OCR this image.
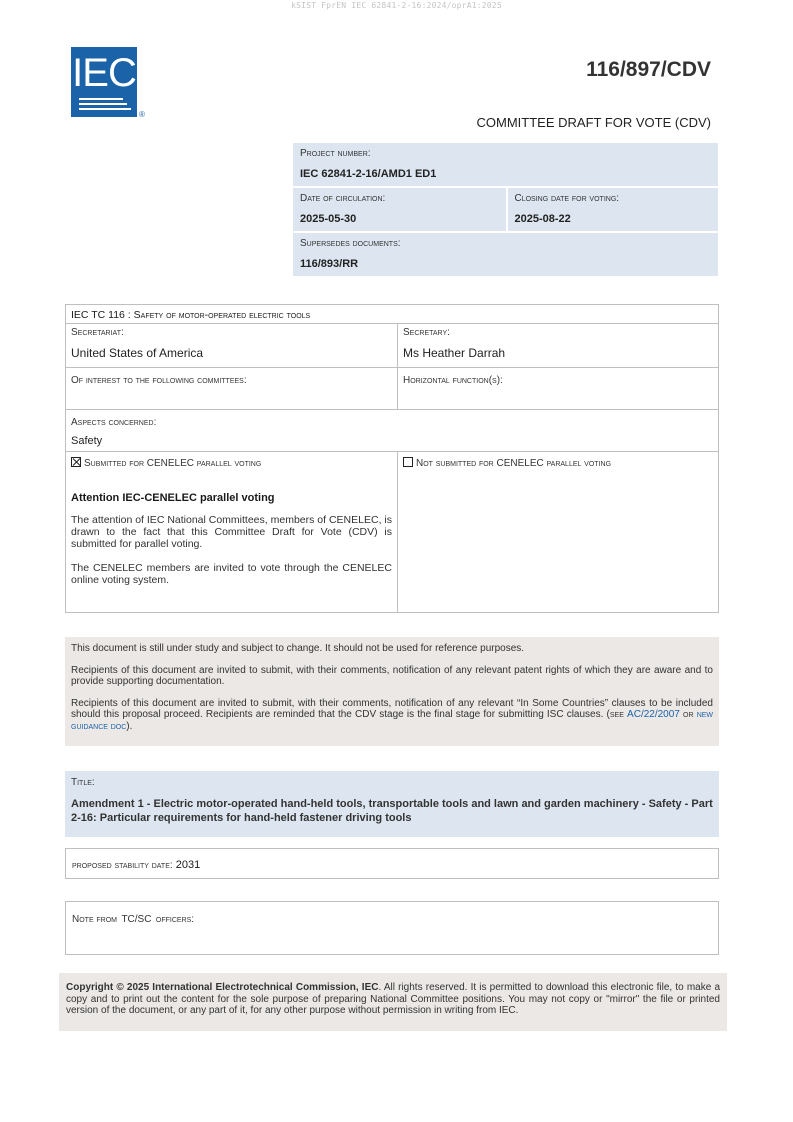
kSIST FprEN IEC 62841-2-16:2024/oprA1:2025
IEC
®
116/897/CDV
COMMITTEE DRAFT FOR VOTE (CDV)
Project number:
IEC 62841-2-16/AMD1 ED1
Date of circulation:
2025-05-30
Closing date for voting:
2025-08-22
Supersedes documents:
116/893/RR
IEC TC 116 : Safety of motor-operated electric tools
Secretariat:
United States of America
Secretary:
Ms Heather Darrah
Of interest to the following committees:	Horizontal function(s):
Aspects concerned:
Safety
Submitted for CENELEC parallel voting
Attention IEC-CENELEC parallel voting
The attention of IEC National Committees, members of CENELEC, is drawn to the fact that this Committee Draft for Vote (CDV) is submitted for parallel voting.
The CENELEC members are invited to vote through the CENELEC online voting system.
Not submitted for CENELEC parallel voting

This document is still under study and subject to change. It should not be used for reference purposes.

Recipients of this document are invited to submit, with their comments, notification of any relevant patent rights of which they are aware and to provide supporting documentation.

Recipients of this document are invited to submit, with their comments, notification of any relevant “In Some Countries” clauses to be included should this proposal proceed. Recipients are reminded that the CDV stage is the final stage for submitting ISC clauses. (see AC/22/2007 or new guidance doc).

Title:
Amendment 1 - Electric motor-operated hand-held tools, transportable tools and lawn and garden machinery - Safety - Part 2-16: Particular requirements for hand-held fastener driving tools
proposed stability date: 2031
Note from TC/SC officers:

Copyright © 2025 International Electrotechnical Commission, IEC. All rights reserved. It is permitted to download this electronic file, to make a copy and to print out the content for the sole purpose of preparing National Committee positions. You may not copy or "mirror" the file or printed version of the document, or any part of it, for any other purpose without permission in writing from IEC.
